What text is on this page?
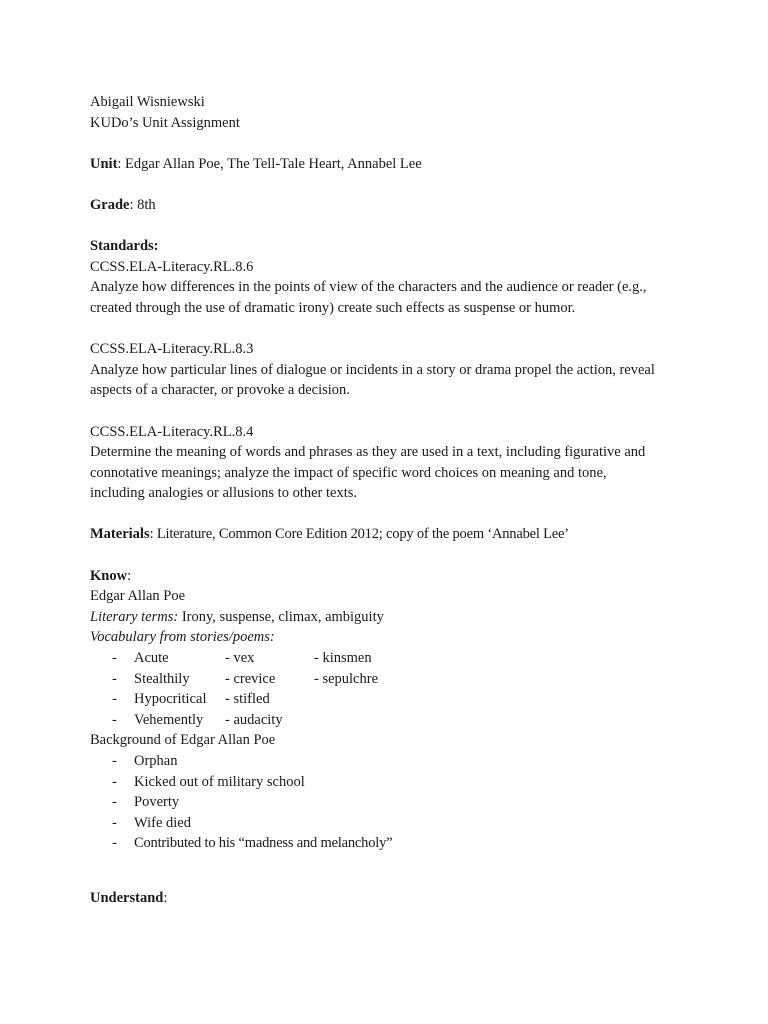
Abigail Wisniewski
KUDo’s Unit Assignment
Unit: Edgar Allan Poe, The Tell-Tale Heart, Annabel Lee
Grade: 8th
Standards:
CCSS.ELA-Literacy.RL.8.6
Analyze how differences in the points of view of the characters and the audience or reader (e.g.,
created through the use of dramatic irony) create such effects as suspense or humor.
CCSS.ELA-Literacy.RL.8.3
Analyze how particular lines of dialogue or incidents in a story or drama propel the action, reveal
aspects of a character, or provoke a decision.
CCSS.ELA-Literacy.RL.8.4
Determine the meaning of words and phrases as they are used in a text, including figurative and
connotative meanings; analyze the impact of specific word choices on meaning and tone,
including analogies or allusions to other texts.
Materials: Literature, Common Core Edition 2012; copy of the poem ‘Annabel Lee’
Know:
Edgar Allan Poe
Literary terms: Irony, suspense, climax, ambiguity
Vocabulary from stories/poems:
-	Acute	- vex	- kinsmen
-	Stealthily	- crevice	- sepulchre
-	Hypocritical	- stifled
-	Vehemently	- audacity
Background of Edgar Allan Poe
-	Orphan
-	Kicked out of military school
-	Poverty
-	Wife died
-	Contributed to his “madness and melancholy”
Understand:
